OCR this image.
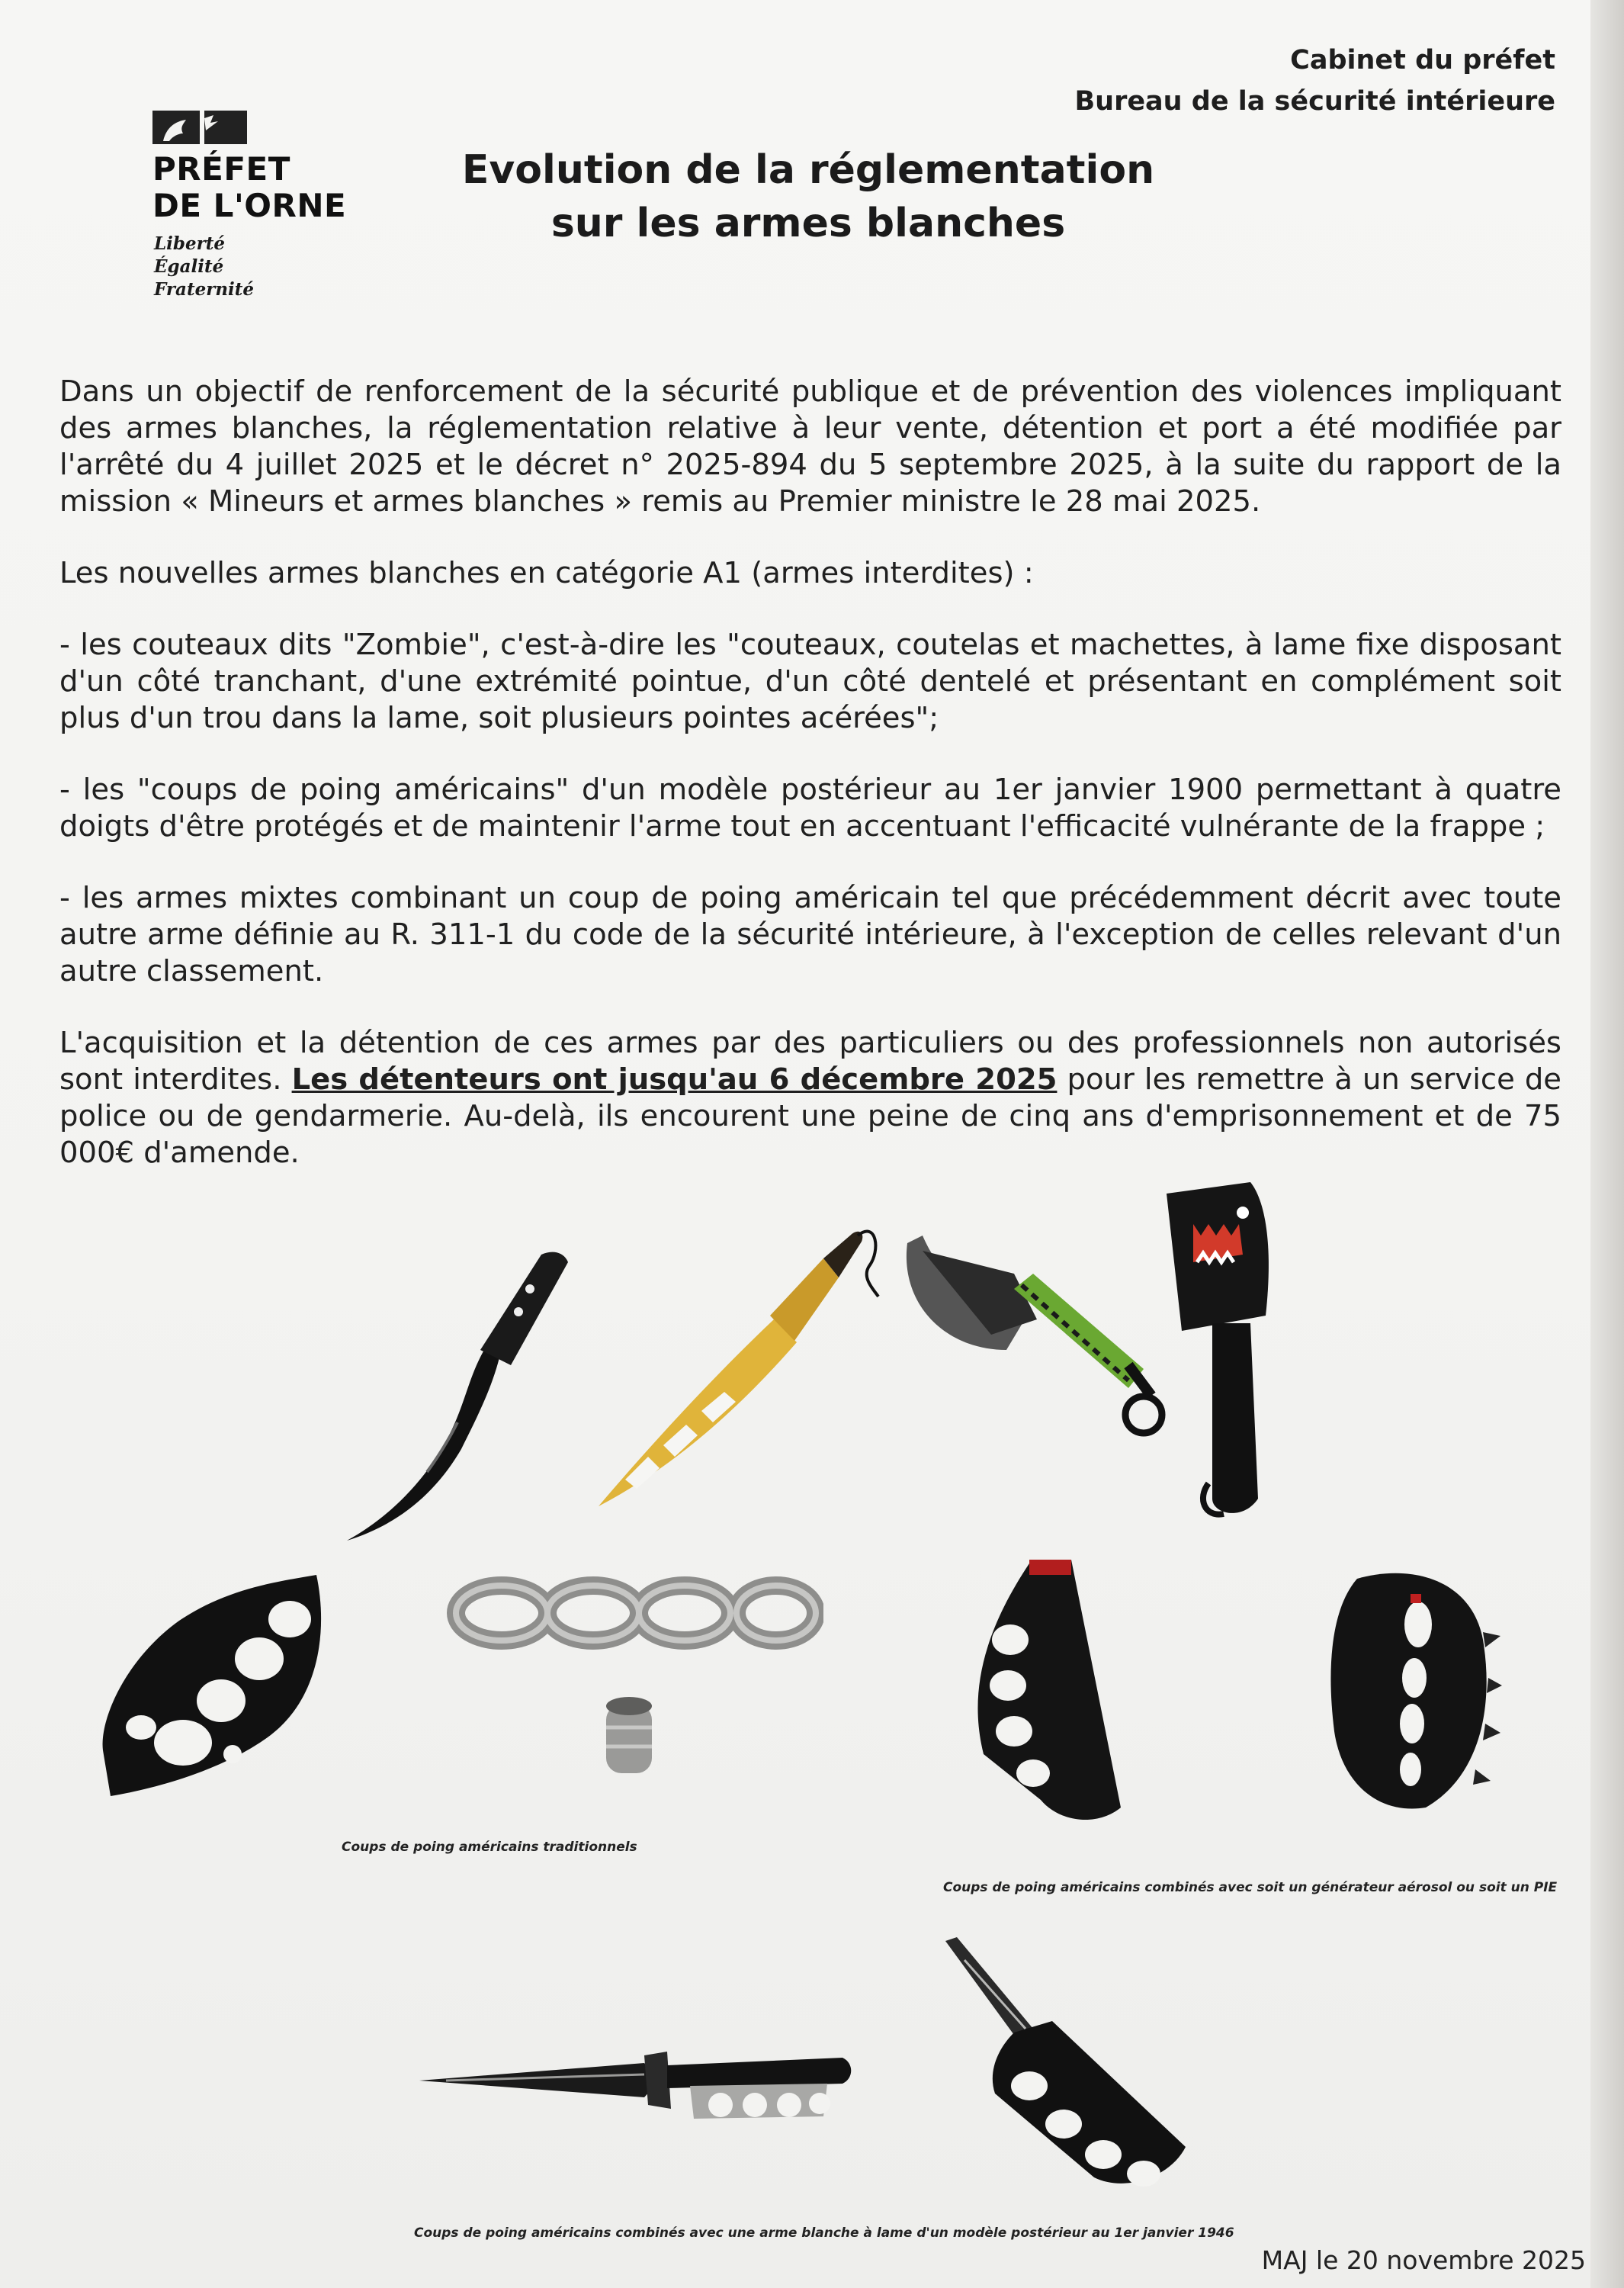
PRÉFET
DE L'ORNE
Liberté
Égalité
Fraternité
Cabinet du préfet
Bureau de la sécurité intérieure
Evolution de la réglementation
sur les armes blanches

Dans un objectif de renforcement de la sécurité publique et de prévention des violences impliquant des armes blanches, la réglementation relative à leur vente, détention et port a été modifiée par l'arrêté du 4 juillet 2025 et le décret n° 2025-894 du 5 septembre 2025, à la suite du rapport de la mission « Mineurs et armes blanches » remis au Premier ministre le 28 mai 2025.

Les nouvelles armes blanches en catégorie A1 (armes interdites) :

- les couteaux dits "Zombie", c'est-à-dire les "couteaux, coutelas et machettes, à lame fixe disposant d'un côté tranchant, d'une extrémité pointue, d'un côté dentelé et présentant en complément soit plus d'un trou dans la lame, soit plusieurs pointes acérées";

- les "coups de poing américains" d'un modèle postérieur au 1er janvier 1900 permettant à quatre doigts d'être protégés et de maintenir l'arme tout en accentuant l'efficacité vulnérante de la frappe ;

- les armes mixtes combinant un coup de poing américain tel que précédemment décrit avec toute autre arme définie au R. 311-1 du code de la sécurité intérieure, à l'exception de celles relevant d'un autre classement.

L'acquisition et la détention de ces armes par des particuliers ou des professionnels non autorisés sont interdites. Les détenteurs ont jusqu'au 6 décembre 2025 pour les remettre à un service de police ou de gendarmerie. Au-delà, ils encourent une peine de cinq ans d'emprisonnement et de 75 000€ d'amende.

Coups de poing américains traditionnels
Coups de poing américains combinés avec soit un générateur aérosol ou soit un PIE
Coups de poing américains combinés avec une arme blanche à lame d'un modèle postérieur au 1er janvier 1946
MAJ le 20 novembre 2025
